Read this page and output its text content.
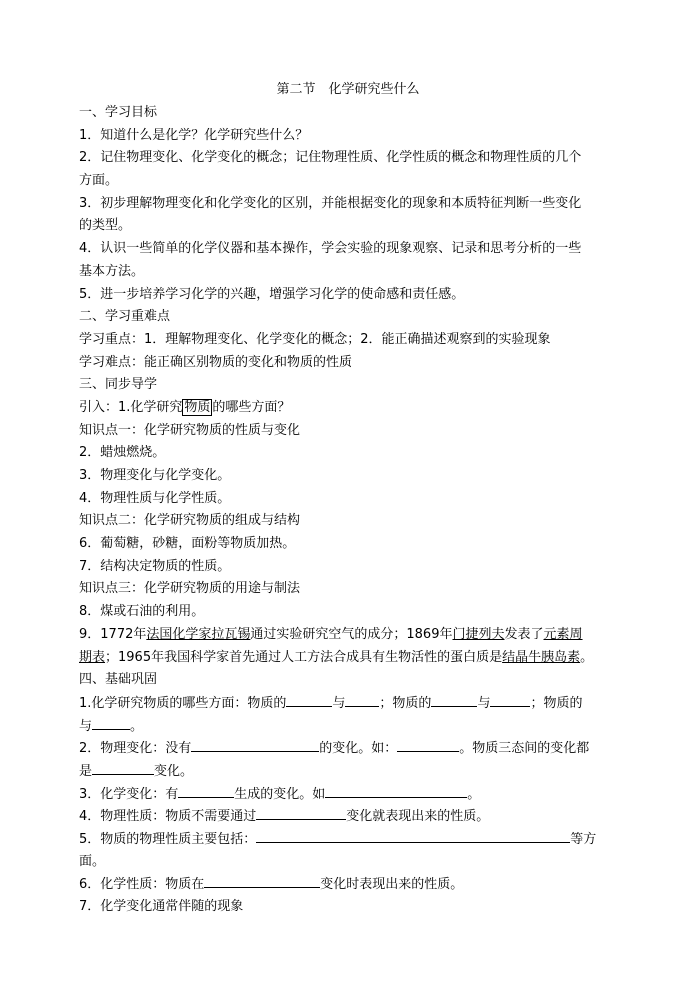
第二节　化学研究些什么
一、学习目标
1．知道什么是化学？化学研究些什么？
2．记住物理变化、化学变化的概念；记住物理性质、化学性质的概念和物理性质的几个
方面。
3．初步理解物理变化和化学变化的区别，并能根据变化的现象和本质特征判断一些变化
的类型。
4．认识一些简单的化学仪器和基本操作，学会实验的现象观察、记录和思考分析的一些
基本方法。
5．进一步培养学习化学的兴趣，增强学习化学的使命感和责任感。
二、学习重难点
学习重点：1．理解物理变化、化学变化的概念；2．能正确描述观察到的实验现象
学习难点：能正确区别物质的变化和物质的性质
三、同步导学
引入：1.化学研究 物质 的哪些方面？
知识点一：化学研究物质的性质与变化
2．蜡烛燃烧。
3．物理变化与化学变化。
4．物理性质与化学性质。
知识点二：化学研究物质的组成与结构
6．葡萄糖，砂糖，面粉等物质加热。
7．结构决定物质的性质。
知识点三：化学研究物质的用途与制法
8．煤或石油的利用。
9．1772年法国化学家拉瓦锡通过实验研究空气的成分；1869年门捷列夫发表了元素周
期表；1965年我国科学家首先通过人工方法合成具有生物活性的蛋白质是结晶牛胰岛素。
四、基础巩固
1.化学研究物质的哪些方面：物质的	与	；物质的	与	；物质的
与	。
2．物理变化：没有	的变化。如：	。物质三态间的变化都
是	变化。
3．化学变化：有	生成的变化。如	。
4．物理性质：物质不需要通过	变化就表现出来的性质。
5．物质的物理性质主要包括：	等方
面。
6．化学性质：物质在	变化时表现出来的性质。
7．化学变化通常伴随的现象
